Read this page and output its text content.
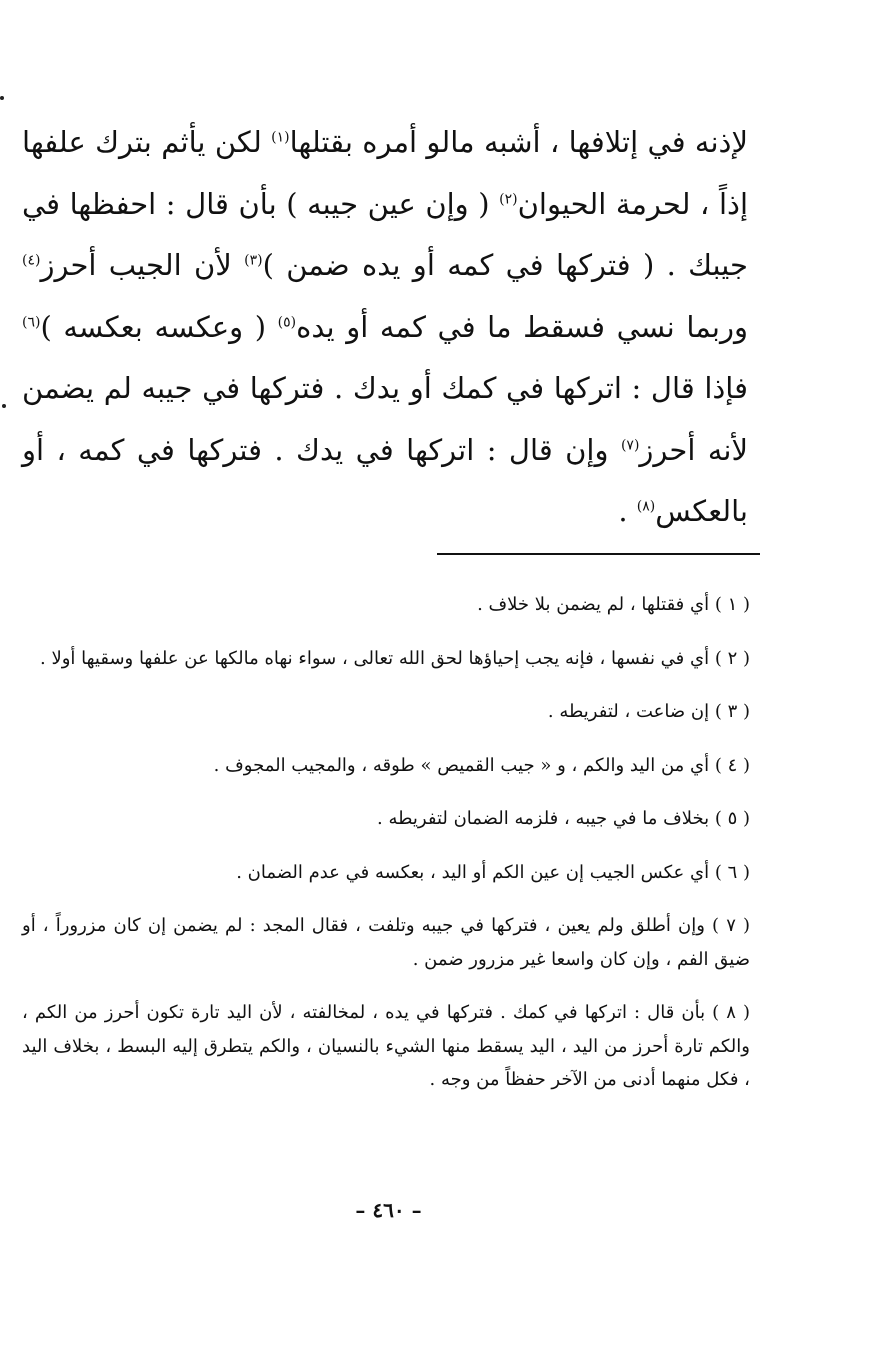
لإذنه في إتلافها ، أشبه مالو أمره بقتلها$^{(١)}$ لكن يأثم بترك علفها إذاً ، لحرمة الحيوان$^{(٢)}$ ( وإن عين جيبه ) بأن قال : احفظها في جيبك . ( فتركها في كمه أو يده ضمن )$^{(٣)}$ لأن الجيب أحرز$^{(٤)}$ وربما نسي فسقط ما في كمه أو يده$^{(٥)}$ ( وعكسه بعكسه )$^{(٦)}$ فإذا قال : اتركها في كمك أو يدك . فتركها في جيبه لم يضمن لأنه أحرز$^{(٧)}$ وإن قال : اتركها في يدك . فتركها في كمه ، أو بالعكس$^{(٨)}$ .

( ١ ) أي فقتلها ، لم يضمن بلا خلاف .

( ٢ ) أي في نفسها ، فإنه يجب إحياؤها لحق الله تعالى ، سواء نهاه مالكها عن علفها وسقيها أولا .

( ٣ ) إن ضاعت ، لتفريطه .

( ٤ ) أي من اليد والكم ، و « جيب القميص » طوقه ، والمجيب المجوف .

( ٥ ) بخلاف ما في جيبه ، فلزمه الضمان لتفريطه .

( ٦ ) أي عكس الجيب إن عين الكم أو اليد ، بعكسه في عدم الضمان .

( ٧ ) وإن أطلق ولم يعين ، فتركها في جيبه وتلفت ، فقال المجد : لم يضمن إن كان مزروراً ، أو ضيق الفم ، وإن كان واسعا غير مزرور ضمن .

( ٨ ) بأن قال : اتركها في كمك . فتركها في يده ، لمخالفته ، لأن اليد تارة تكون أحرز من الكم ، والكم تارة أحرز من اليد ، اليد يسقط منها الشيء بالنسيان ، والكم يتطرق إليه البسط ، بخلاف اليد ، فكل منهما أدنى من الآخر حفظاً من وجه .

– ٤٦٠ –
